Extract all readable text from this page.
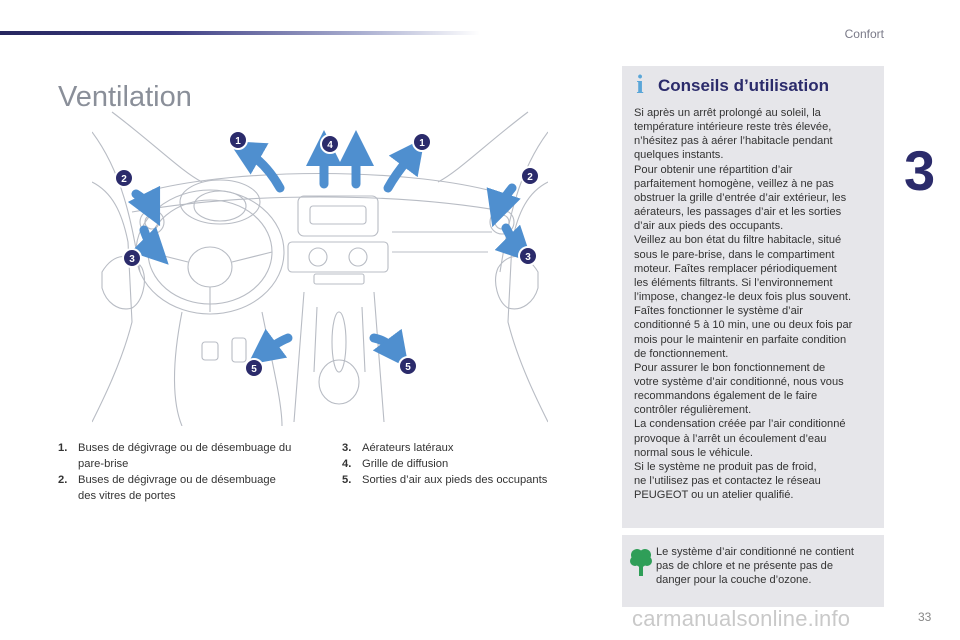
Confort
3
Ventilation
1	4	1
2	2
3	3
5	5
1. Buses de dégivrage ou de désembuage du
pare-brise
2. Buses de dégivrage ou de désembuage
des vitres de portes
3. Aérateurs latéraux
4. Grille de diffusion
5. Sorties d’air aux pieds des occupants
i Conseils d’utilisation

Si après un arrêt prolongé au soleil, la

température intérieure reste très élevée,

n’hésitez pas à aérer l’habitacle pendant

quelques instants.

Pour obtenir une répartition d’air

parfaitement homogène, veillez à ne pas

obstruer la grille d’entrée d’air extérieur, les

aérateurs, les passages d’air et les sorties

d’air aux pieds des occupants.

Veillez au bon état du filtre habitacle, situé

sous le pare-brise, dans le compartiment

moteur. Faîtes remplacer périodiquement

les éléments filtrants. Si l’environnement

l’impose, changez-le deux fois plus souvent.

Faîtes fonctionner le système d’air

conditionné 5 à 10 min, une ou deux fois par

mois pour le maintenir en parfaite condition

de fonctionnement.

Pour assurer le bon fonctionnement de

votre système d’air conditionné, nous vous

recommandons également de le faire

contrôler régulièrement.

La condensation créée par l’air conditionné

provoque à l’arrêt un écoulement d’eau

normal sous le véhicule.

Si le système ne produit pas de froid,

ne l’utilisez pas et contactez le réseau

PEUGEOT ou un atelier qualifié.

Le système d’air conditionné ne contient
pas de chlore et ne présente pas de
danger pour la couche d’ozone.
carmanualsonline.info	33
